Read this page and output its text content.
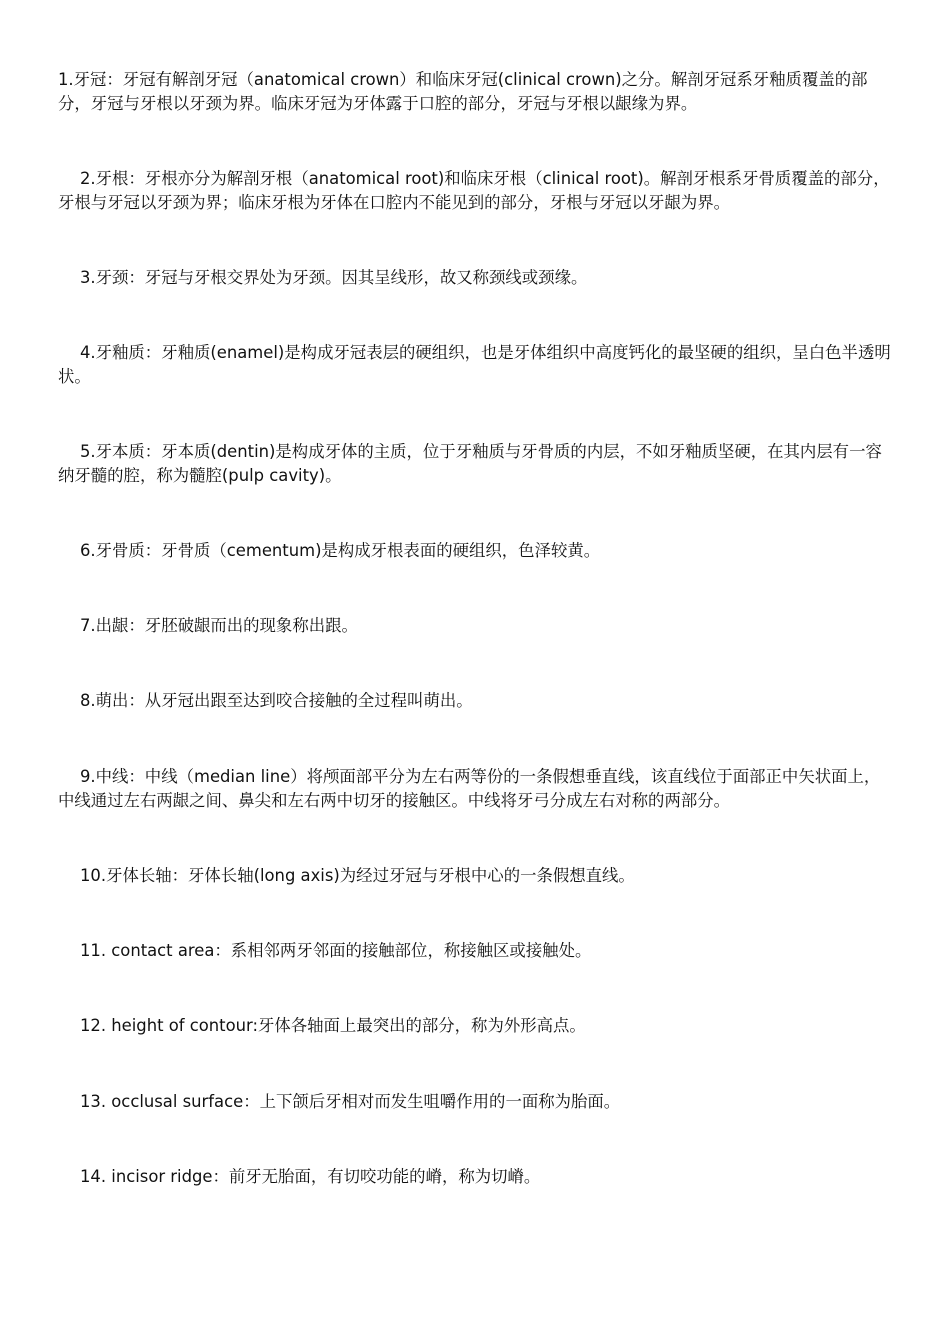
1.牙冠：牙冠有解剖牙冠（anatomical crown）和临床牙冠(clinical crown)之分。解剖牙冠系牙釉质覆盖的部分，牙冠与牙根以牙颈为界。临床牙冠为牙体露于口腔的部分，牙冠与牙根以龈缘为界。

2.牙根：牙根亦分为解剖牙根（anatomical root)和临床牙根（clinical root)。解剖牙根系牙骨质覆盖的部分，牙根与牙冠以牙颈为界；临床牙根为牙体在口腔内不能见到的部分，牙根与牙冠以牙龈为界。

3.牙颈：牙冠与牙根交界处为牙颈。因其呈线形，故又称颈线或颈缘。

4.牙釉质：牙釉质(enamel)是构成牙冠表层的硬组织，也是牙体组织中高度钙化的最坚硬的组织，呈白色半透明状。

5.牙本质：牙本质(dentin)是构成牙体的主质，位于牙釉质与牙骨质的内层，不如牙釉质坚硬，在其内层有一容纳牙髓的腔，称为髓腔(pulp cavity)。

6.牙骨质：牙骨质（cementum)是构成牙根表面的硬组织，色泽较黄。

7.出龈：牙胚破龈而出的现象称出跟。

8.萌出：从牙冠出跟至达到咬合接触的全过程叫萌出。

9.中线：中线（median line）将颅面部平分为左右两等份的一条假想垂直线，该直线位于面部正中矢状面上，中线通过左右两龈之间、鼻尖和左右两中切牙的接触区。中线将牙弓分成左右对称的两部分。

10.牙体长轴：牙体长轴(long axis)为经过牙冠与牙根中心的一条假想直线。

11. contact area：系相邻两牙邻面的接触部位，称接触区或接触处。

12. height of contour:牙体各轴面上最突出的部分，称为外形高点。

13. occlusal surface：上下颌后牙相对而发生咀嚼作用的一面称为胎面。

14. incisor ridge：前牙无胎面，有切咬功能的嵴，称为切嵴。
